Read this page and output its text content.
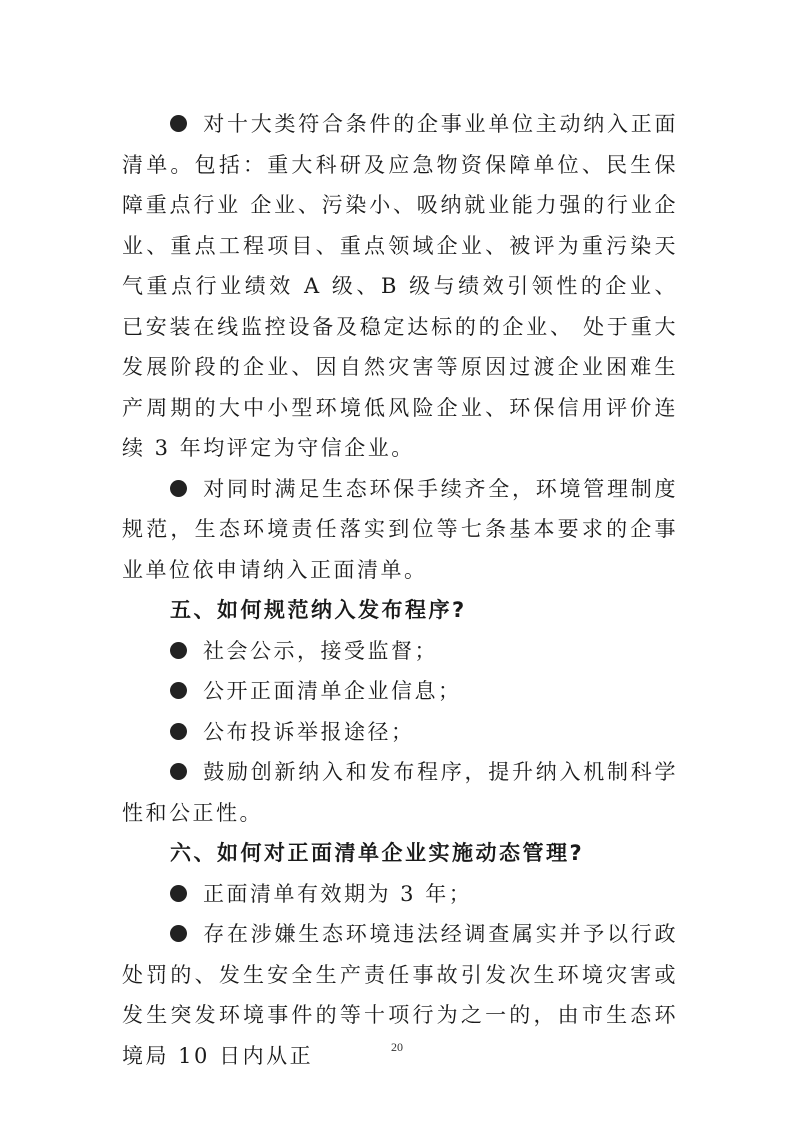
对十大类符合条件的企事业单位主动纳入正面清单。包括：重大科研及应急物资保障单位、民生保障重点行业 企业、污染小、吸纳就业能力强的行业企业、重点工程项目、重点领域企业、被评为重污染天气重点行业绩效 A 级、B 级与绩效引领性的企业、已安装在线监控设备及稳定达标的的企业、 处于重大发展阶段的企业、因自然灾害等原因过渡企业困难生产周期的大中小型环境低风险企业、环保信用评价连续 3 年均评定为守信企业。

对同时满足生态环保手续齐全，环境管理制度规范，生态环境责任落实到位等七条基本要求的企事业单位依申请纳入正面清单。

五、如何规范纳入发布程序?

社会公示，接受监督；

公开正面清单企业信息；

公布投诉举报途径；

鼓励创新纳入和发布程序，提升纳入机制科学性和公正性。

六、如何对正面清单企业实施动态管理?

正面清单有效期为 3 年；

存在涉嫌生态环境违法经调查属实并予以行政处罚的、发生安全生产责任事故引发次生环境灾害或发生突发环境事件的等十项行为之一的，由市生态环境局 10 日内从正	20
